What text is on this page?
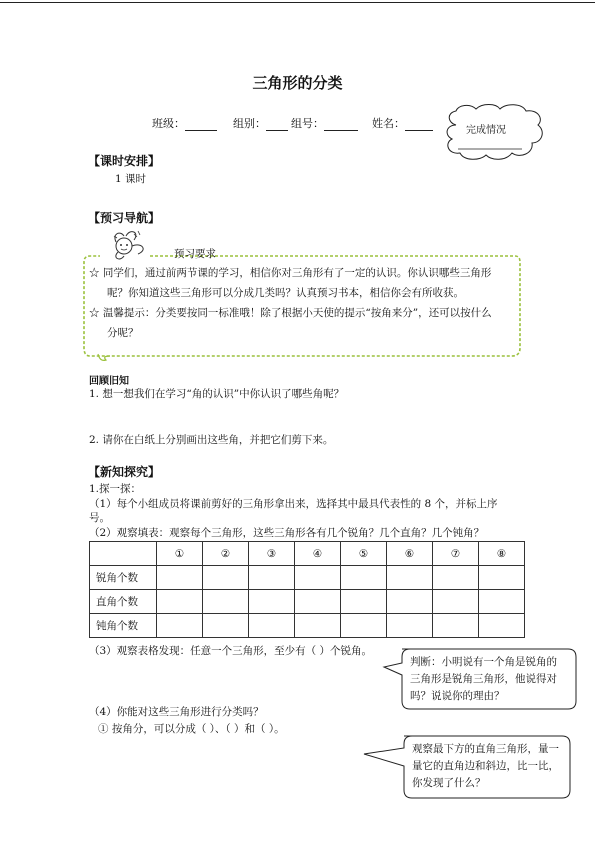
三角形的分类
班级：	组别：	组号：	姓名：
完成情况
【课时安排】
1 课时
【预习导航】
预习要求
☆ 同学们，通过前两节课的学习，相信你对三角形有了一定的认识。你认识哪些三角形
呢？你知道这些三角形可以分成几类吗？认真预习书本，相信你会有所收获。
☆ 温馨提示：分类要按同一标准哦！除了根据小天使的提示“按角来分”，还可以按什么
分呢？
回顾旧知
1. 想一想我们在学习“角的认识”中你认识了哪些角呢？
2. 请你在白纸上分别画出这些角，并把它们剪下来。
【新知探究】
1.探一探：
（1）每个小组成员将课前剪好的三角形拿出来，选择其中最具代表性的 8 个，并标上序
号。
（2）观察填表：观察每个三角形，这些三角形各有几个锐角？几个直角？几个钝角？
	①	②	③	④	⑤	⑥	⑦	⑧
锐角个数								
直角个数								
钝角个数								
（3）观察表格发现：任意一个三角形，至少有（ ）个锐角。
判断：小明说有一个角是锐角的
三角形是锐角三角形，他说得对
吗？说说你的理由？
（4）你能对这些三角形进行分类吗？
① 按角分，可以分成（ ）、（ ）和（ ）。
观察最下方的直角三角形，量一
量它的直角边和斜边，比一比，
你发现了什么？
